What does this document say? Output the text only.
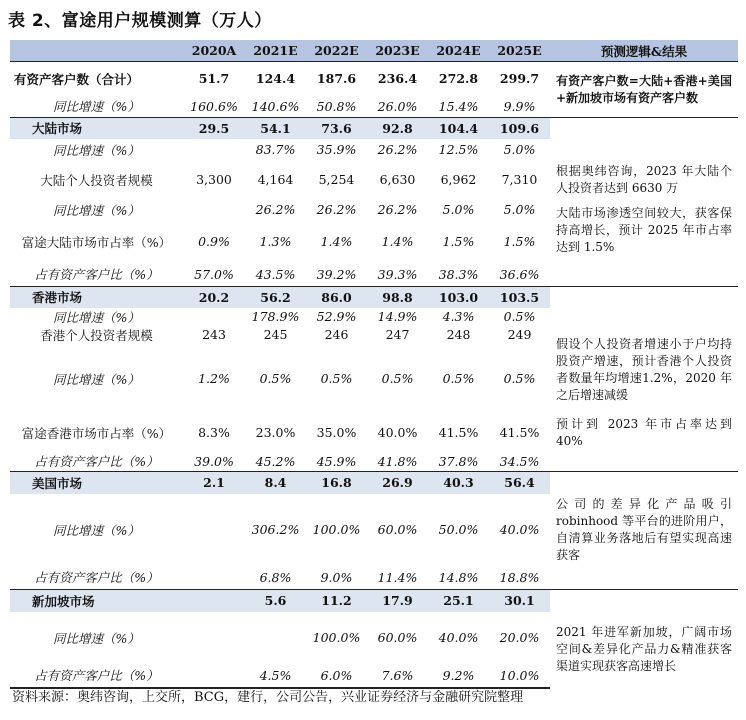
表 2、富途用户规模测算（万人）
	2020A	2021E	2022E	2023E	2024E	2025E	预测逻辑&结果
有资产客户数（合计）	51.7	124.4	187.6	236.4	272.8	299.7	有资产客户数=大陆+香港+美国+新加坡市场有资产客户数
同比增速（%）	160.6%	140.6%	50.8%	26.0%	15.4%	9.9%	
大陆市场	29.5	54.1	73.6	92.8	104.4	109.6	
同比增速（%）		83.7%	35.9%	26.2%	12.5%	5.0%	
大陆个人投资者规模	3,300	4,164	5,254	6,630	6,962	7,310	根据奥纬咨询，2023 年大陆个人投资者达到 6630 万
同比增速（%）		26.2%	26.2%	26.2%	5.0%	5.0%	大陆市场渗透空间较大，获客保持高增长，预计 2025 年市占率达到 1.5%
富途大陆市场市占率（%）	0.9%	1.3%	1.4%	1.4%	1.5%	1.5%	
占有资产客户比（%）	57.0%	43.5%	39.2%	39.3%	38.3%	36.6%	
香港市场	20.2	56.2	86.0	98.8	103.0	103.5	
同比增速（%）		178.9%	52.9%	14.9%	4.3%	0.5%	
香港个人投资者规模	243	245	246	247	248	249	假设个人投资者增速小于户均持股资产增速，预计香港个人投资者数量年均增速1.2%，2020 年之后增速减缓
同比增速（%）	1.2%	0.5%	0.5%	0.5%	0.5%	0.5%	
富途香港市场市占率（%）	8.3%	23.0%	35.0%	40.0%	41.5%	41.5%	预计到 2023 年市占率达到 40%
占有资产客户比（%）	39.0%	45.2%	45.9%	41.8%	37.8%	34.5%	
美国市场	2.1	8.4	16.8	26.9	40.3	56.4	
同比增速（%）		306.2%	100.0%	60.0%	50.0%	40.0%	公司的差异化产品吸引robinhood 等平台的进阶用户，自清算业务落地后有望实现高速获客
占有资产客户比（%）		6.8%	9.0%	11.4%	14.8%	18.8%	
新加坡市场		5.6	11.2	17.9	25.1	30.1	
同比增速（%）			100.0%	60.0%	40.0%	20.0%	2021 年进军新加坡，广阔市场空间&差异化产品力&精准获客渠道实现获客高速增长
占有资产客户比（%）		4.5%	6.0%	7.6%	9.2%	10.0%	
资料来源：奥纬咨询，上交所，BCG，建行，公司公告，兴业证券经济与金融研究院整理
